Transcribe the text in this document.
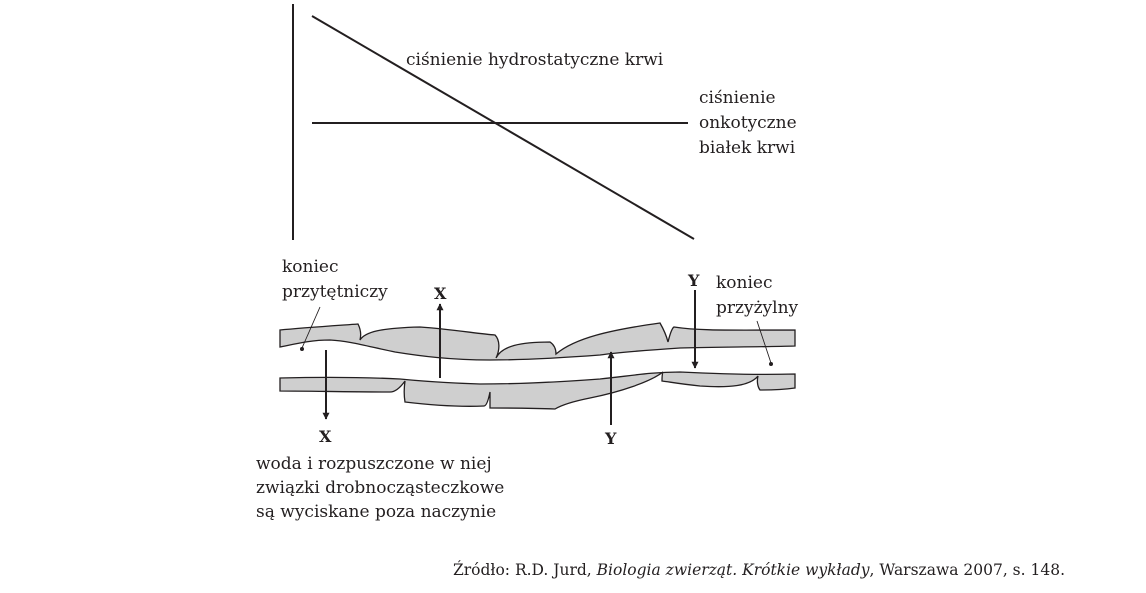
ciśnienie hydrostatyczne krwi
ciśnienie
onkotyczne
białek krwi
X
X
Y
Y
koniec
przytętniczy	koniec
przyżylny
woda i rozpuszczone w niej
związki drobnocząsteczkowe
są wyciskane poza naczynie
Źródło: R.D. Jurd, Biologia zwierząt. Krótkie wykłady, Warszawa 2007, s. 148.
